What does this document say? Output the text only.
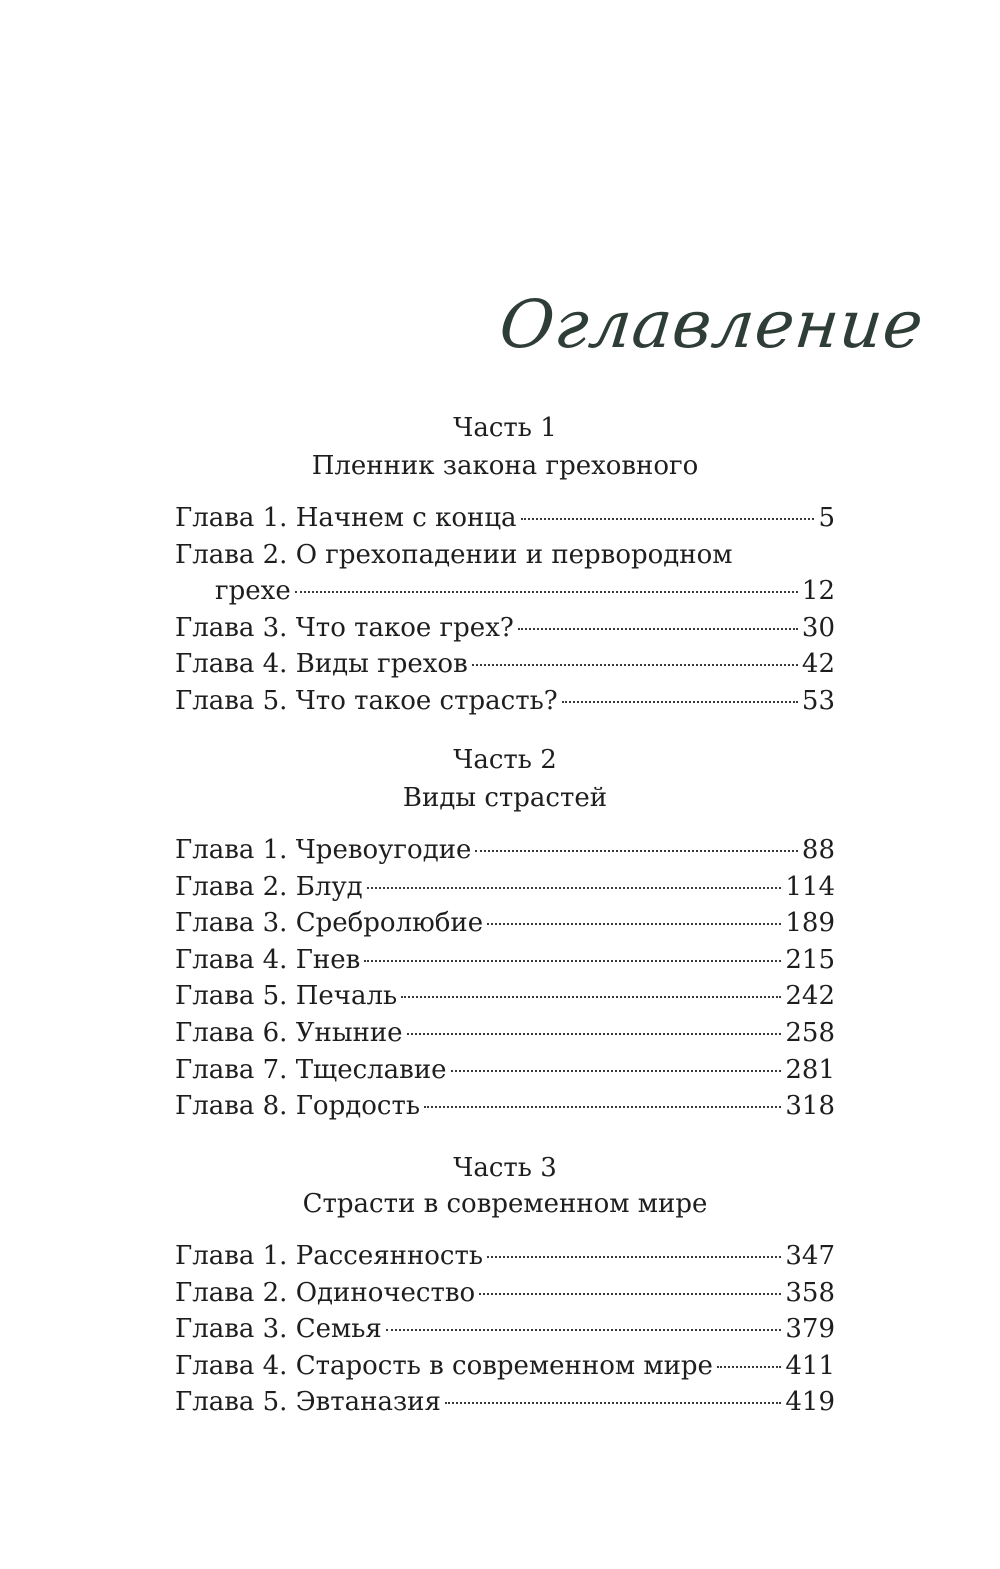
Оглавление
Часть 1
Пленник закона греховного
Глава 1. Начнем с конца	5
Глава 2. О грехопадении и первородном
грехе	12
Глава 3. Что такое грех?	30
Глава 4. Виды грехов	42
Глава 5. Что такое страсть?	53
Часть 2
Виды страстей
Глава 1. Чревоугодие	88
Глава 2. Блуд	114
Глава 3. Сребролюбие	189
Глава 4. Гнев	215
Глава 5. Печаль	242
Глава 6. Уныние	258
Глава 7. Тщеславие	281
Глава 8. Гордость	318
Часть 3
Страсти в современном мире
Глава 1. Рассеянность	347
Глава 2. Одиночество	358
Глава 3. Семья	379
Глава 4. Старость в современном мире	411
Глава 5. Эвтаназия	419
